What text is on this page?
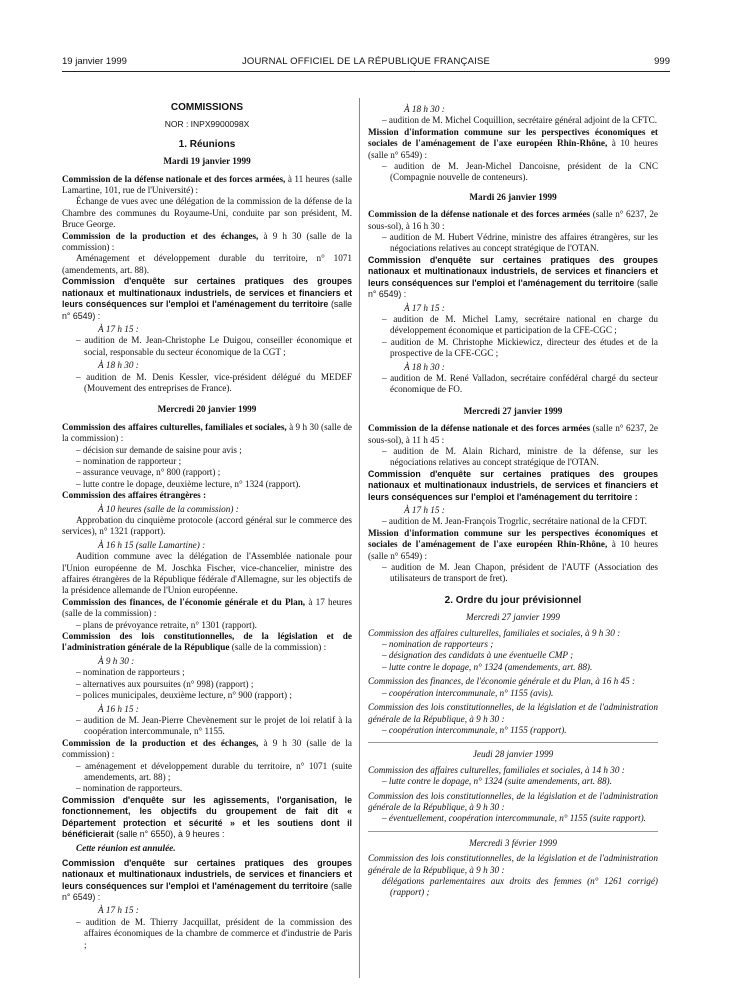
19 janvier 1999	JOURNAL OFFICIEL DE LA RÉPUBLIQUE FRANÇAISE	999

COMMISSIONS

NOR : INPX9900098X

1. Réunions

Mardi 19 janvier 1999

Commission de la défense nationale et des forces armées, à 11 heures (salle Lamartine, 101, rue de l'Université) :

Échange de vues avec une délégation de la commission de la défense de la Chambre des communes du Royaume-Uni, conduite par son président, M. Bruce George.

Commission de la production et des échanges, à 9 h 30 (salle de la commission) :

Aménagement et développement durable du territoire, n° 1071 (amendements, art. 88).

Commission d'enquête sur certaines pratiques des groupes nationaux et multinationaux industriels, de services et financiers et leurs conséquences sur l'emploi et l'aménagement du territoire (salle n° 6549) :

À 17 h 15 :

– audition de M. Jean-Christophe Le Duigou, conseiller économique et social, responsable du secteur économique de la CGT ;

À 18 h 30 :

– audition de M. Denis Kessler, vice-président délégué du MEDEF (Mouvement des entreprises de France).

Mercredi 20 janvier 1999

Commission des affaires culturelles, familiales et sociales, à 9 h 30 (salle de la commission) :

– décision sur demande de saisine pour avis ;

– nomination de rapporteur ;

– assurance veuvage, n° 800 (rapport) ;

– lutte contre le dopage, deuxième lecture, n° 1324 (rapport).

Commission des affaires étrangères :

À 10 heures (salle de la commission) :

Approbation du cinquième protocole (accord général sur le commerce des services), n° 1321 (rapport).

À 16 h 15 (salle Lamartine) :

Audition commune avec la délégation de l'Assemblée nationale pour l'Union européenne de M. Joschka Fischer, vice-chancelier, ministre des affaires étrangères de la République fédérale d'Allemagne, sur les objectifs de la présidence allemande de l'Union européenne.

Commission des finances, de l'économie générale et du Plan, à 17 heures (salle de la commission) :

– plans de prévoyance retraite, n° 1301 (rapport).

Commission des lois constitutionnelles, de la législation et de l'administration générale de la République (salle de la commission) :

À 9 h 30 :

– nomination de rapporteurs ;

– alternatives aux poursuites (n° 998) (rapport) ;

– polices municipales, deuxième lecture, n° 900 (rapport) ;

À 16 h 15 :

– audition de M. Jean-Pierre Chevènement sur le projet de loi relatif à la coopération intercommunale, n° 1155.

Commission de la production et des échanges, à 9 h 30 (salle de la commission) :

– aménagement et développement durable du territoire, n° 1071 (suite amendements, art. 88) ;

– nomination de rapporteurs.

Commission d'enquête sur les agissements, l'organisation, le fonctionnement, les objectifs du groupement de fait dit « Département protection et sécurité » et les soutiens dont il bénéficierait (salle n° 6550), à 9 heures :

Cette réunion est annulée.

Commission d'enquête sur certaines pratiques des groupes nationaux et multinationaux industriels, de services et financiers et leurs conséquences sur l'emploi et l'aménagement du territoire (salle n° 6549) :

À 17 h 15 :

– audition de M. Thierry Jacquillat, président de la commission des affaires économiques de la chambre de commerce et d'industrie de Paris ;

À 18 h 30 :

– audition de M. Michel Coquillion, secrétaire général adjoint de la CFTC.

Mission d'information commune sur les perspectives économiques et sociales de l'aménagement de l'axe européen Rhin-Rhône, à 10 heures (salle n° 6549) :

– audition de M. Jean-Michel Dancoisne, président de la CNC (Compagnie nouvelle de conteneurs).

Mardi 26 janvier 1999

Commission de la défense nationale et des forces armées (salle n° 6237, 2e sous-sol), à 16 h 30 :

– audition de M. Hubert Védrine, ministre des affaires étrangères, sur les négociations relatives au concept stratégique de l'OTAN.

Commission d'enquête sur certaines pratiques des groupes nationaux et multinationaux industriels, de services et financiers et leurs conséquences sur l'emploi et l'aménagement du territoire (salle n° 6549) :

À 17 h 15 :

– audition de M. Michel Lamy, secrétaire national en charge du développement économique et participation de la CFE-CGC ;

– audition de M. Christophe Mickiewicz, directeur des études et de la prospective de la CFE-CGC ;

À 18 h 30 :

– audition de M. René Valladon, secrétaire confédéral chargé du secteur économique de FO.

Mercredi 27 janvier 1999

Commission de la défense nationale et des forces armées (salle n° 6237, 2e sous-sol), à 11 h 45 :

– audition de M. Alain Richard, ministre de la défense, sur les négociations relatives au concept stratégique de l'OTAN.

Commission d'enquête sur certaines pratiques des groupes nationaux et multinationaux industriels, de services et financiers et leurs conséquences sur l'emploi et l'aménagement du territoire :

À 17 h 15 :

– audition de M. Jean-François Trogrlic, secrétaire national de la CFDT.

Mission d'information commune sur les perspectives économiques et sociales de l'aménagement de l'axe européen Rhin-Rhône, à 10 heures (salle n° 6549) :

– audition de M. Jean Chapon, président de l'AUTF (Association des utilisateurs de transport de fret).

2. Ordre du jour prévisionnel

Mercredi 27 janvier 1999

Commission des affaires culturelles, familiales et sociales, à 9 h 30 :

– nomination de rapporteurs ;

– désignation des candidats à une éventuelle CMP ;

– lutte contre le dopage, n° 1324 (amendements, art. 88).

Commission des finances, de l'économie générale et du Plan, à 16 h 45 :

– coopération intercommunale, n° 1155 (avis).

Commission des lois constitutionnelles, de la législation et de l'administration générale de la République, à 9 h 30 :

– coopération intercommunale, n° 1155 (rapport).

Jeudi 28 janvier 1999

Commission des affaires culturelles, familiales et sociales, à 14 h 30 :

– lutte contre le dopage, n° 1324 (suite amendements, art. 88).

Commission des lois constitutionnelles, de la législation et de l'administration générale de la République, à 9 h 30 :

– éventuellement, coopération intercommunale, n° 1155 (suite rapport).

Mercredi 3 février 1999

Commission des lois constitutionnelles, de la législation et de l'administration générale de la République, à 9 h 30 :

délégations parlementaires aux droits des femmes (n° 1261 corrigé) (rapport) ;
